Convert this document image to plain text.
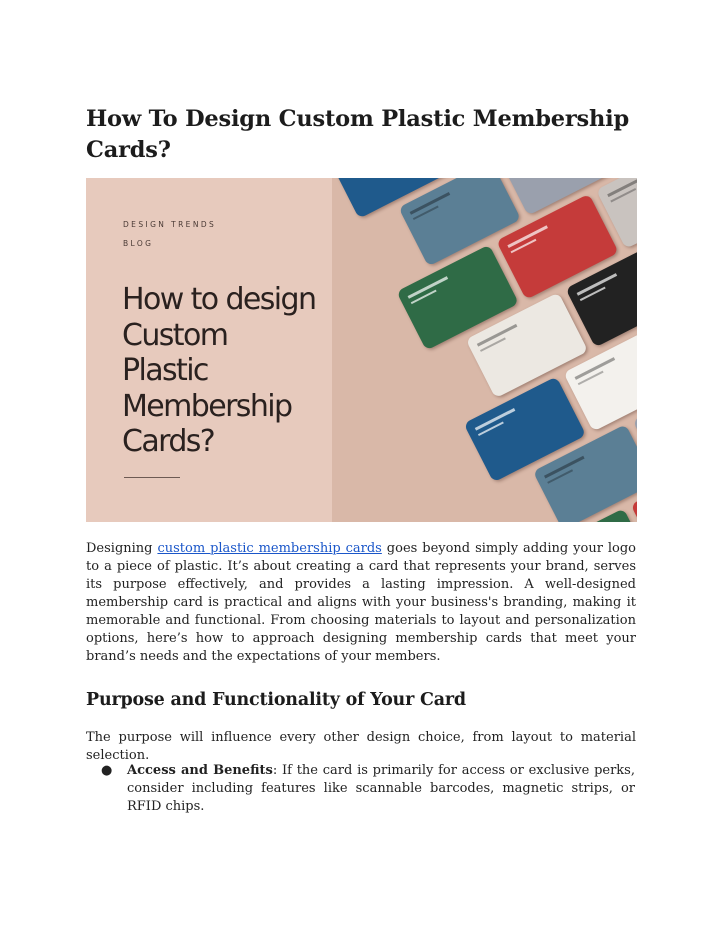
How To Design Custom Plastic Membership Cards?
DESIGN TRENDS
BLOG
How to design
Custom
Plastic
Membership
Cards?

Designing custom plastic membership cards goes beyond simply adding your logo to a piece of plastic. It’s about creating a card that represents your brand, serves its purpose effectively, and provides a lasting impression. A well-designed membership card is practical and aligns with your business's branding, making it memorable and functional. From choosing materials to layout and personalization options, here’s how to approach designing membership cards that meet your brand’s needs and the expectations of your members.

Purpose and Functionality of Your Card

The purpose will influence every other design choice, from layout to material selection.

● Access and Benefits: If the card is primarily for access or exclusive perks, consider including features like scannable barcodes, magnetic strips, or RFID chips.
